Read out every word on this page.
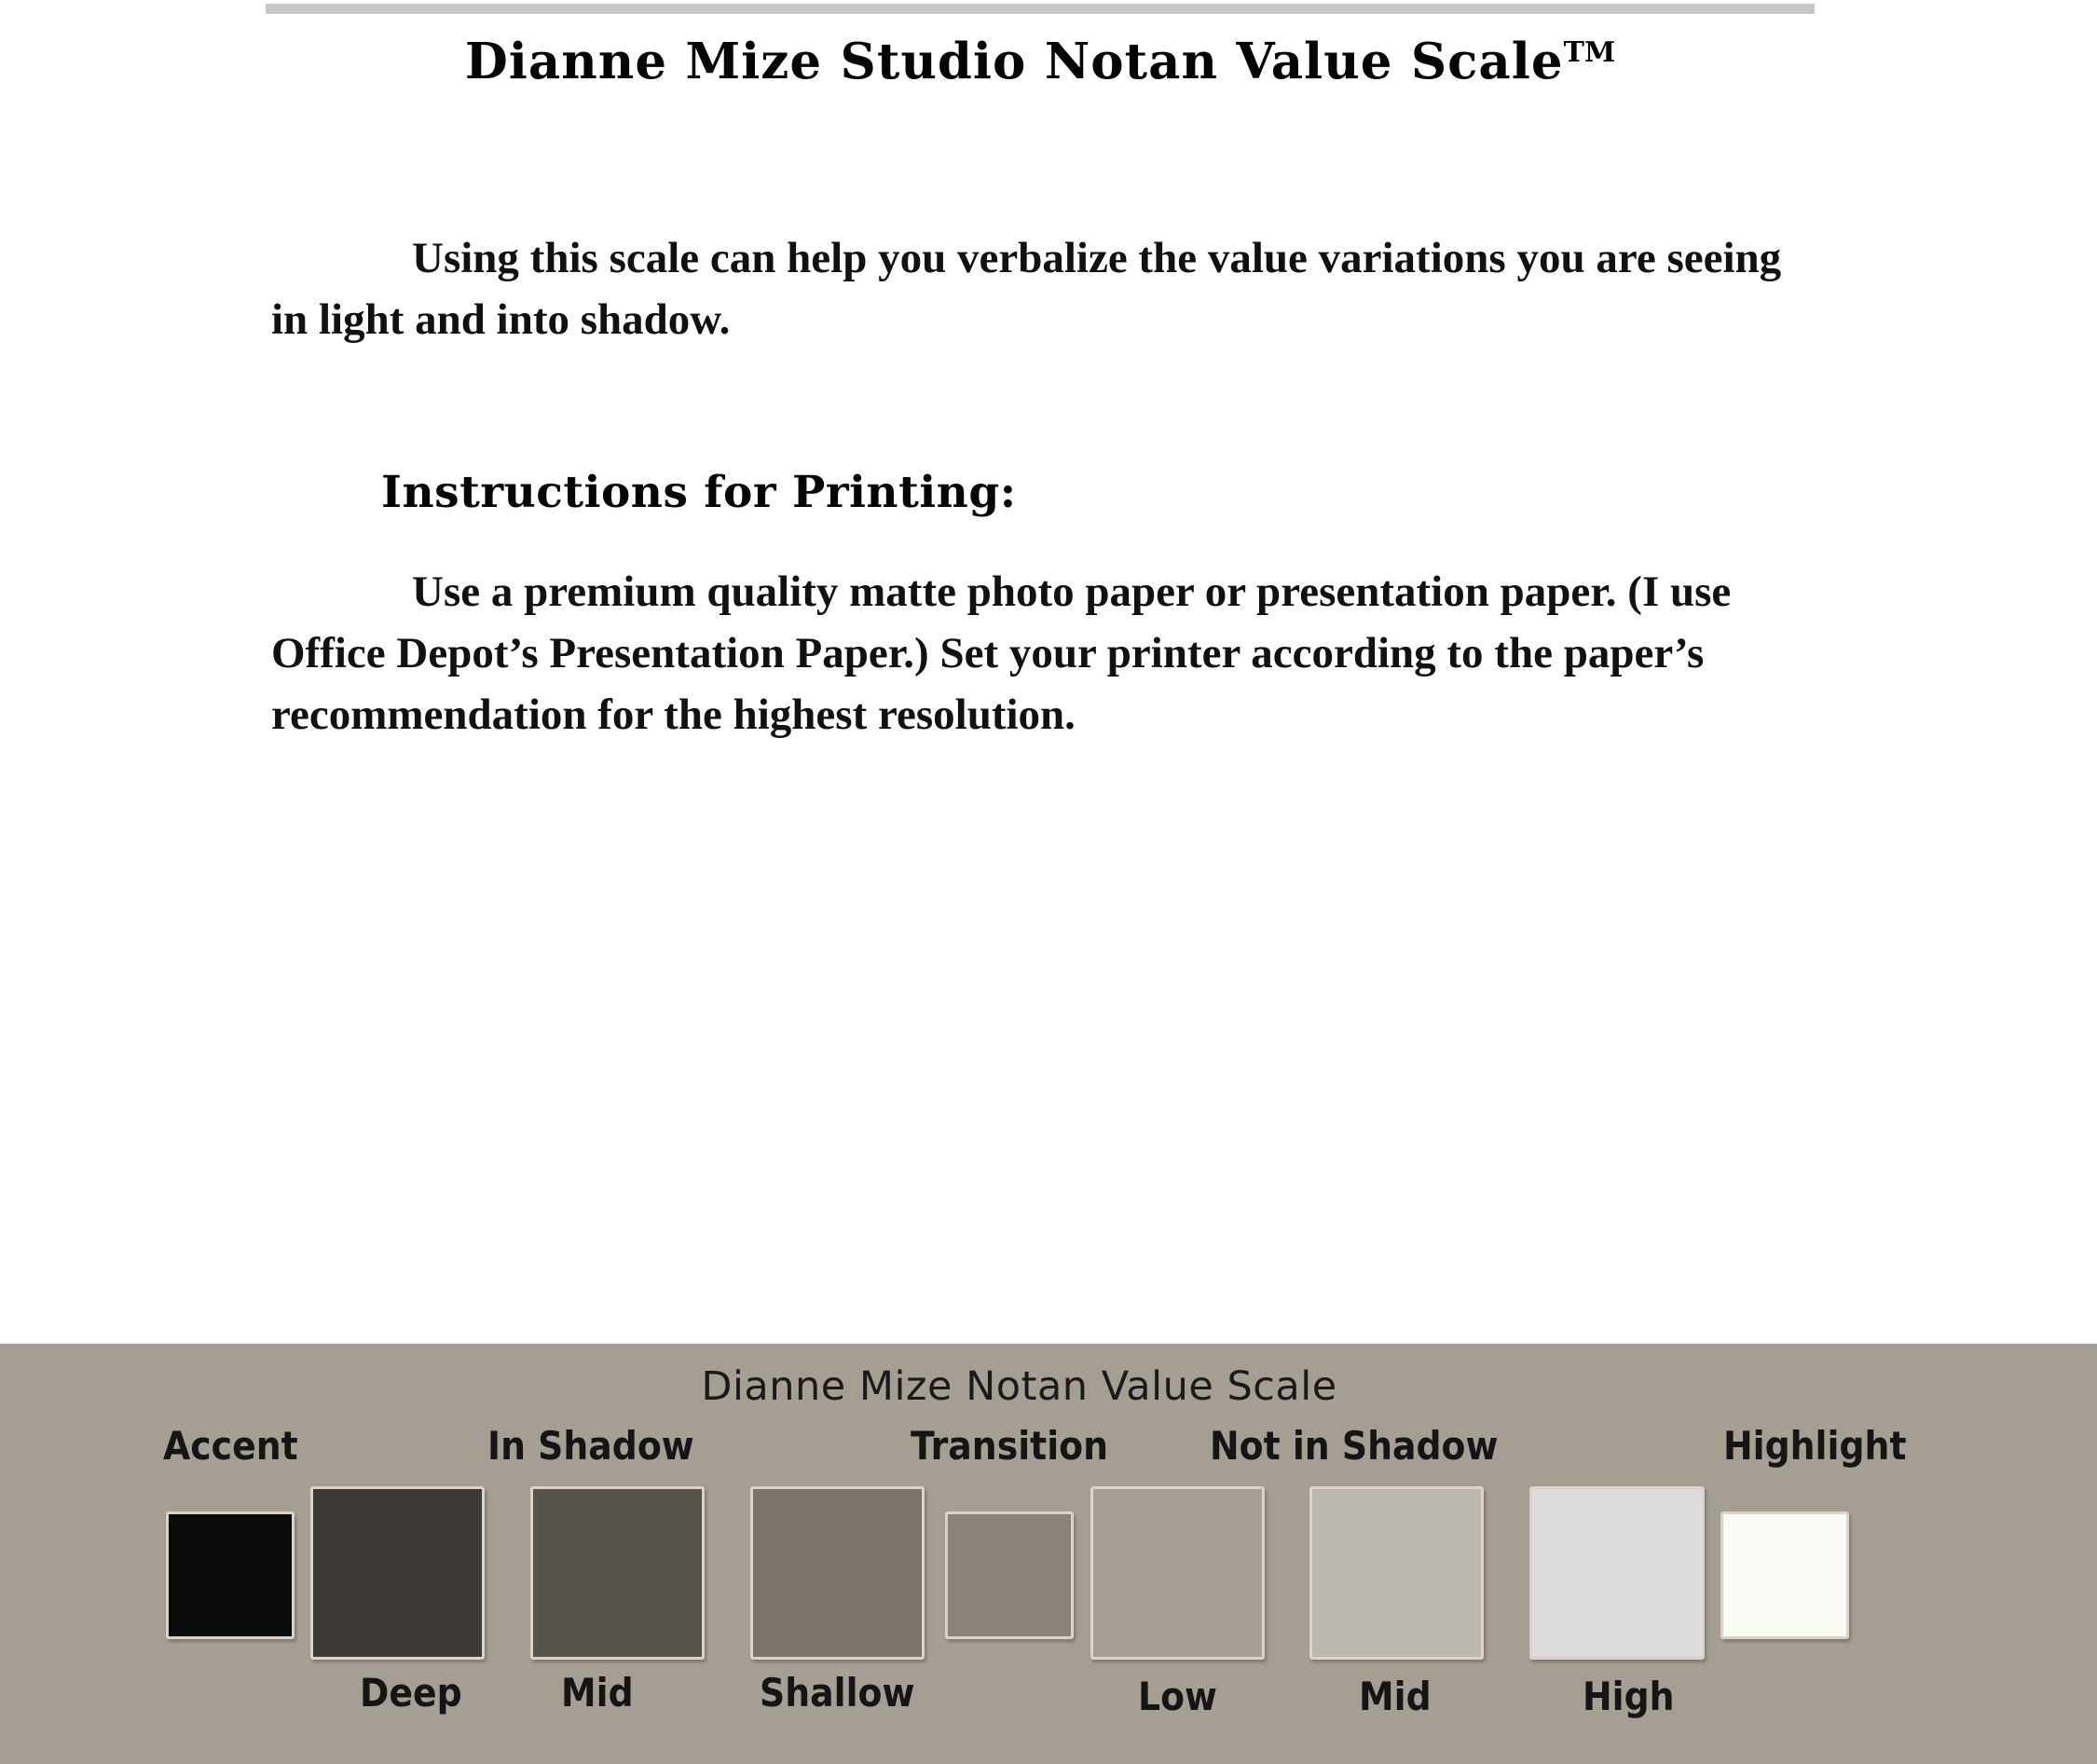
Dianne Mize Studio Notan Value Scale™

Using this scale can help you verbalize the value variations you are seeing in light and into shadow.

Instructions for Printing:

Use a premium quality matte photo paper or presentation paper. (I use Office Depot’s Presentation Paper.) Set your printer according to the paper’s recommendation for the highest resolution.

Dianne Mize Notan Value Scale
Accent	In Shadow	Transition	Not in Shadow	Highlight
Deep	Mid	Shallow	Low	Mid	High
